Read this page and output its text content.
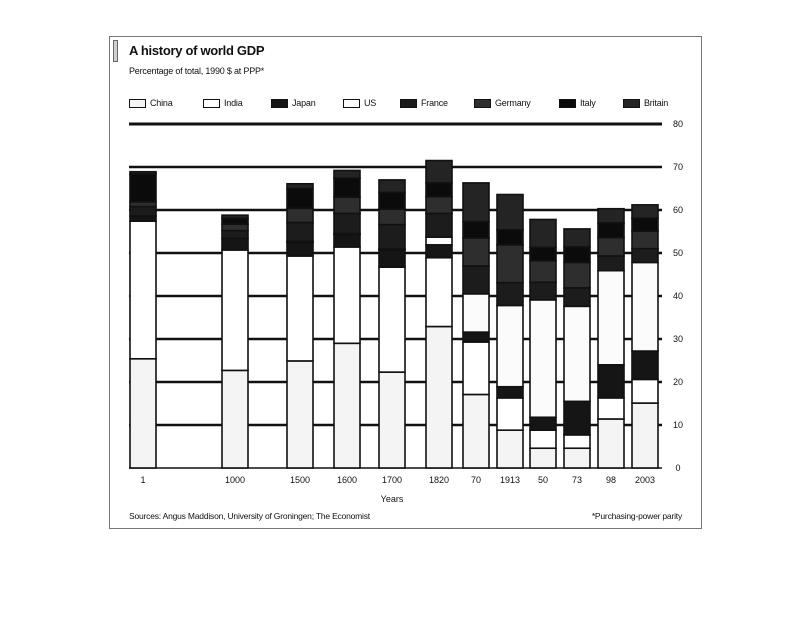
A history of world GDP
Percentage of total, 1990 $ at PPP*
China	India	Japan	US	France	Germany	Italy	Britain
0
10
20
30
40
50
60
70
80
1	1000	1500	1600	1700	1820 70 1913 50	73	98 2003
Years
Sources: Angus Maddison, University of Groningen; The Economist	*Purchasing-power parity
